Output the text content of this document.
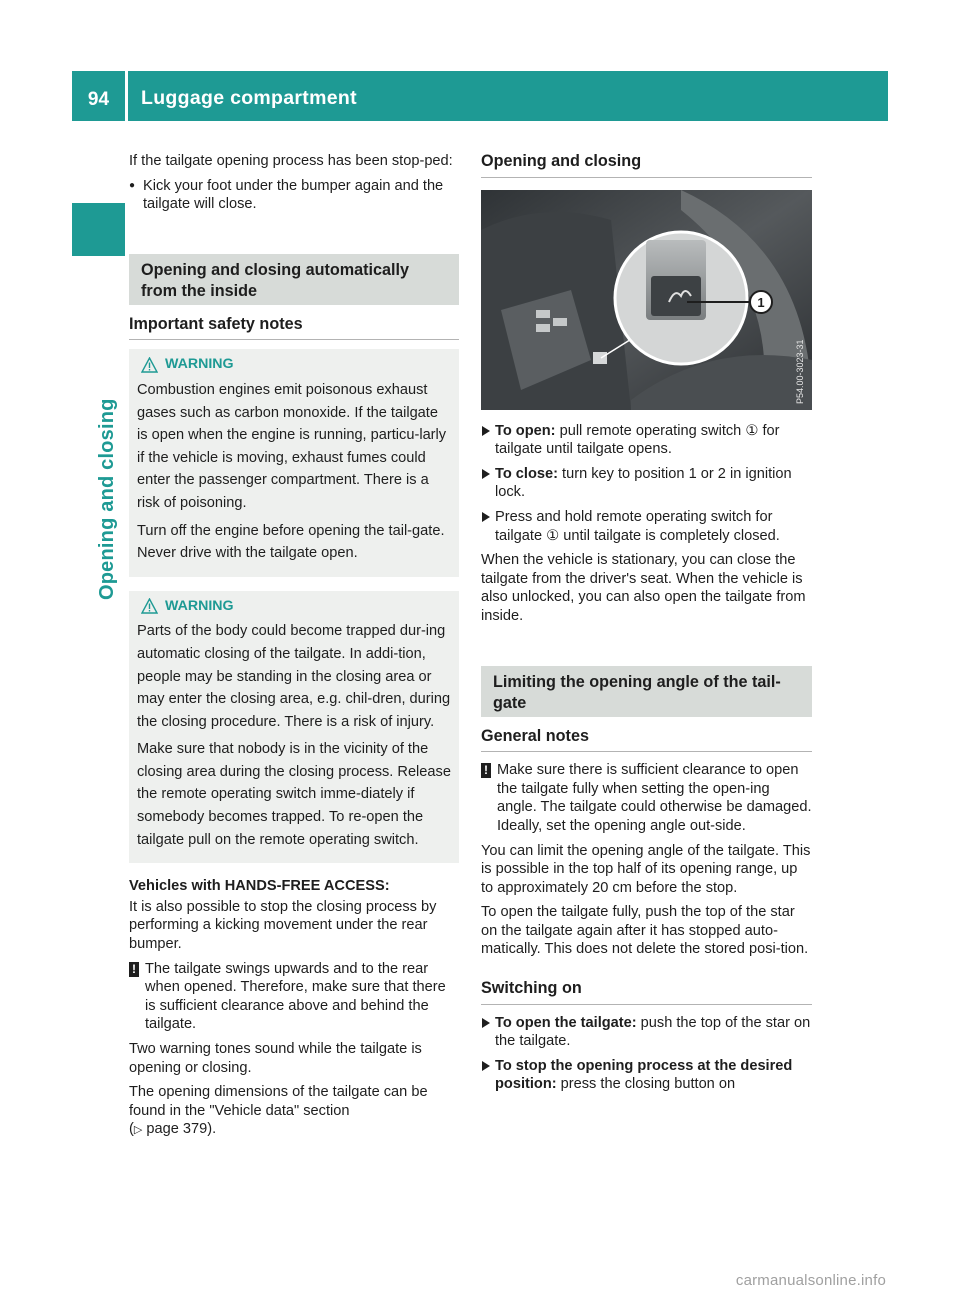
94	Luggage compartment
Opening and closing

If the tailgate opening process has been stop-ped:

● Kick your foot under the bumper again and the tailgate will close.
Opening and closing automatically from the inside
Important safety notes
WARNING

Combustion engines emit poisonous exhaust gases such as carbon monoxide. If the tailgate is open when the engine is running, particu-larly if the vehicle is moving, exhaust fumes could enter the passenger compartment. There is a risk of poisoning.

Turn off the engine before opening the tail-gate. Never drive with the tailgate open.

WARNING

Parts of the body could become trapped dur-ing automatic closing of the tailgate. In addi-tion, people may be standing in the closing area or may enter the closing area, e.g. chil-dren, during the closing procedure. There is a risk of injury.

Make sure that nobody is in the vicinity of the closing area during the closing process. Release the remote operating switch imme-diately if somebody becomes trapped. To re-open the tailgate pull on the remote operating switch.

Vehicles with HANDS-FREE ACCESS:

It is also possible to stop the closing process by performing a kicking movement under the rear bumper.

! The tailgate swings upwards and to the rear when opened. Therefore, make sure that there is sufficient clearance above and behind the tailgate.

Two warning tones sound while the tailgate is opening or closing.

The opening dimensions of the tailgate can be found in the "Vehicle data" section
(▷ page 379).

Opening and closing
1
P54.00-3023-31
To open: pull remote operating switch ① for tailgate until tailgate opens.
To close: turn key to position 1 or 2 in ignition lock.
Press and hold remote operating switch for tailgate ① until tailgate is completely closed.

When the vehicle is stationary, you can close the tailgate from the driver's seat. When the vehicle is also unlocked, you can also open the tailgate from inside.

Limiting the opening angle of the tail-gate
General notes
! Make sure there is sufficient clearance to open the tailgate fully when setting the open-ing angle. The tailgate could otherwise be damaged. Ideally, set the opening angle out-side.

You can limit the opening angle of the tailgate. This is possible in the top half of its opening range, up to approximately 20 cm before the stop.

To open the tailgate fully, push the top of the star on the tailgate again after it has stopped auto-matically. This does not delete the stored posi-tion.

Switching on
To open the tailgate: push the top of the star on the tailgate.
To stop the opening process at the desired position: press the closing button on
carmanualsonline.info
